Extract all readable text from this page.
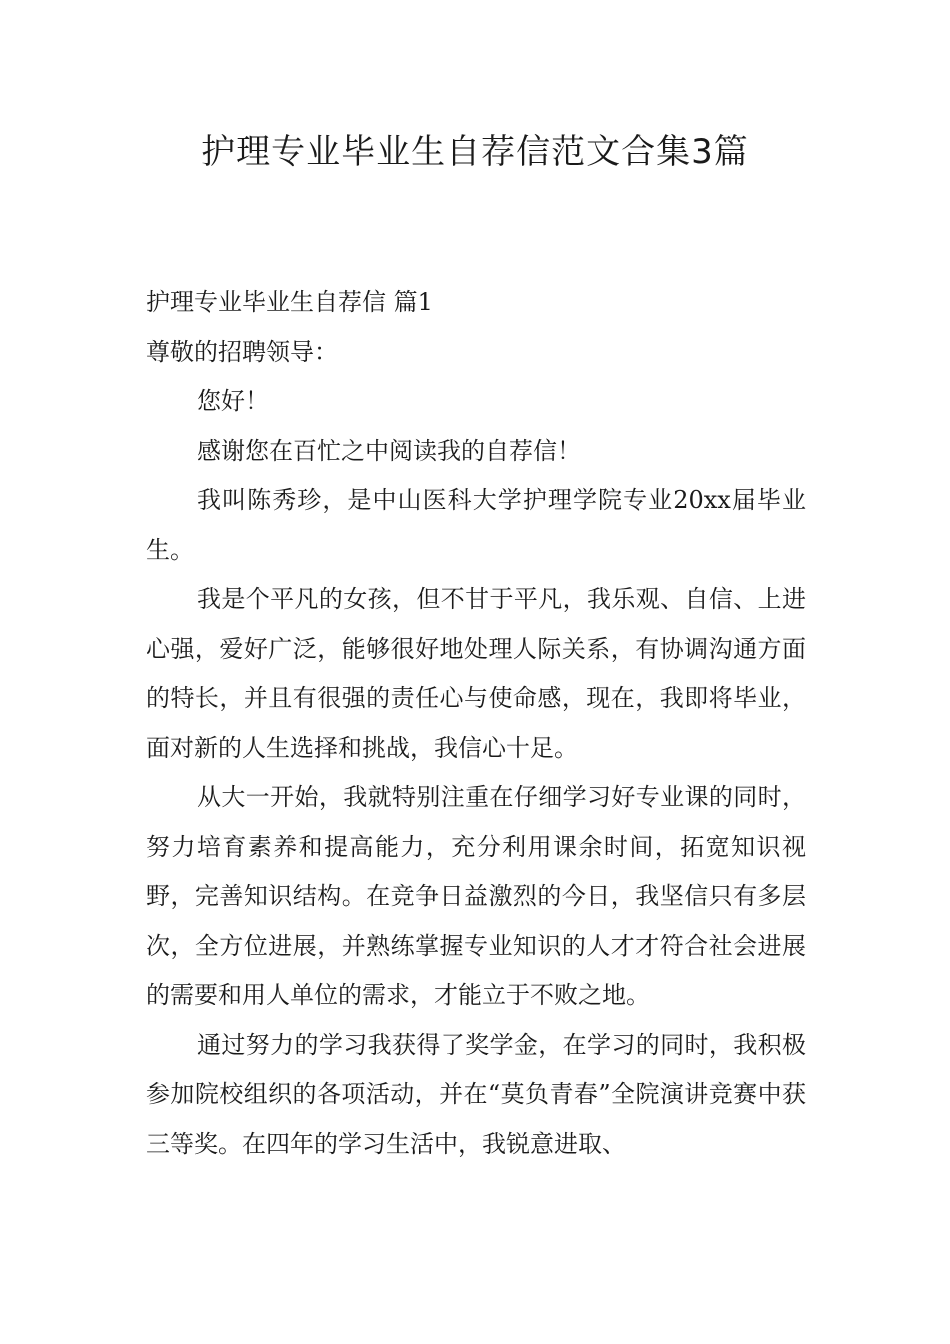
护理专业毕业生自荐信范文合集3篇

护理专业毕业生自荐信 篇1

尊敬的招聘领导：

您好！

感谢您在百忙之中阅读我的自荐信！

我叫陈秀珍，是中山医科大学护理学院专业20xx届毕业生。

我是个平凡的女孩，但不甘于平凡，我乐观、自信、上进心强，爱好广泛，能够很好地处理人际关系，有协调沟通方面的特长，并且有很强的责任心与使命感，现在，我即将毕业，面对新的人生选择和挑战，我信心十足。

从大一开始，我就特别注重在仔细学习好专业课的同时，努力培育素养和提高能力，充分利用课余时间，拓宽知识视野，完善知识结构。在竞争日益激烈的今日，我坚信只有多层次，全方位进展，并熟练掌握专业知识的人才才符合社会进展的需要和用人单位的需求，才能立于不败之地。

通过努力的学习我获得了奖学金，在学习的同时，我积极参加院校组织的各项活动，并在“莫负青春”全院演讲竞赛中获三等奖。在四年的学习生活中，我锐意进取、
